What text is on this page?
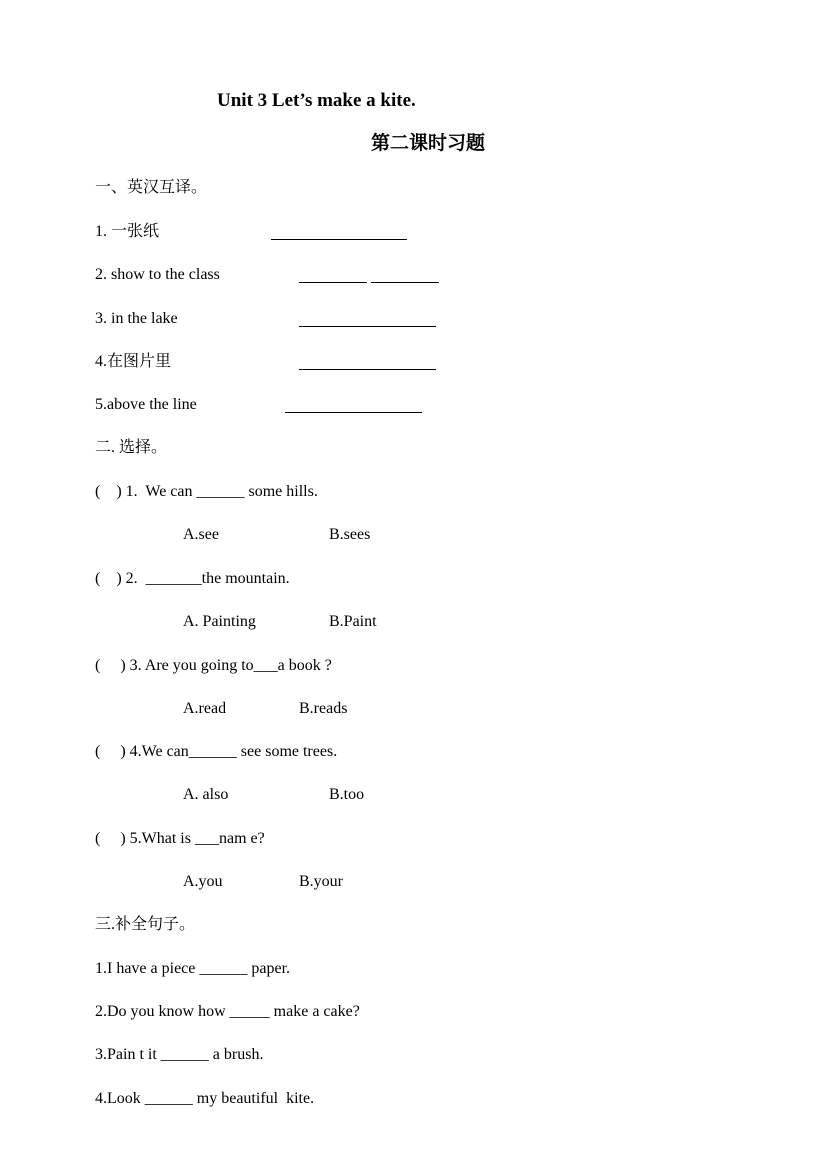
Unit 3 Let’s make a kite.
第二课时习题
一、英汉互译。
1. 一张纸
2. show to the class
3. in the lake
4.在图片里
5.above the line
二. 选择。
(    ) 1.  We can ______ some hills.
A.see	B.sees
(    ) 2.  _______the mountain.
A. Painting	B.Paint
(     ) 3. Are you going to___a book ?
A.read	B.reads
(     ) 4.We can______ see some trees.
A. also	B.too
(     ) 5.What is ___nam e?
A.you	B.your
三.补全句子。
1.I have a piece ______ paper.
2.Do you know how _____ make a cake?
3.Pain t it ______ a brush.
4.Look ______ my beautiful  kite.
